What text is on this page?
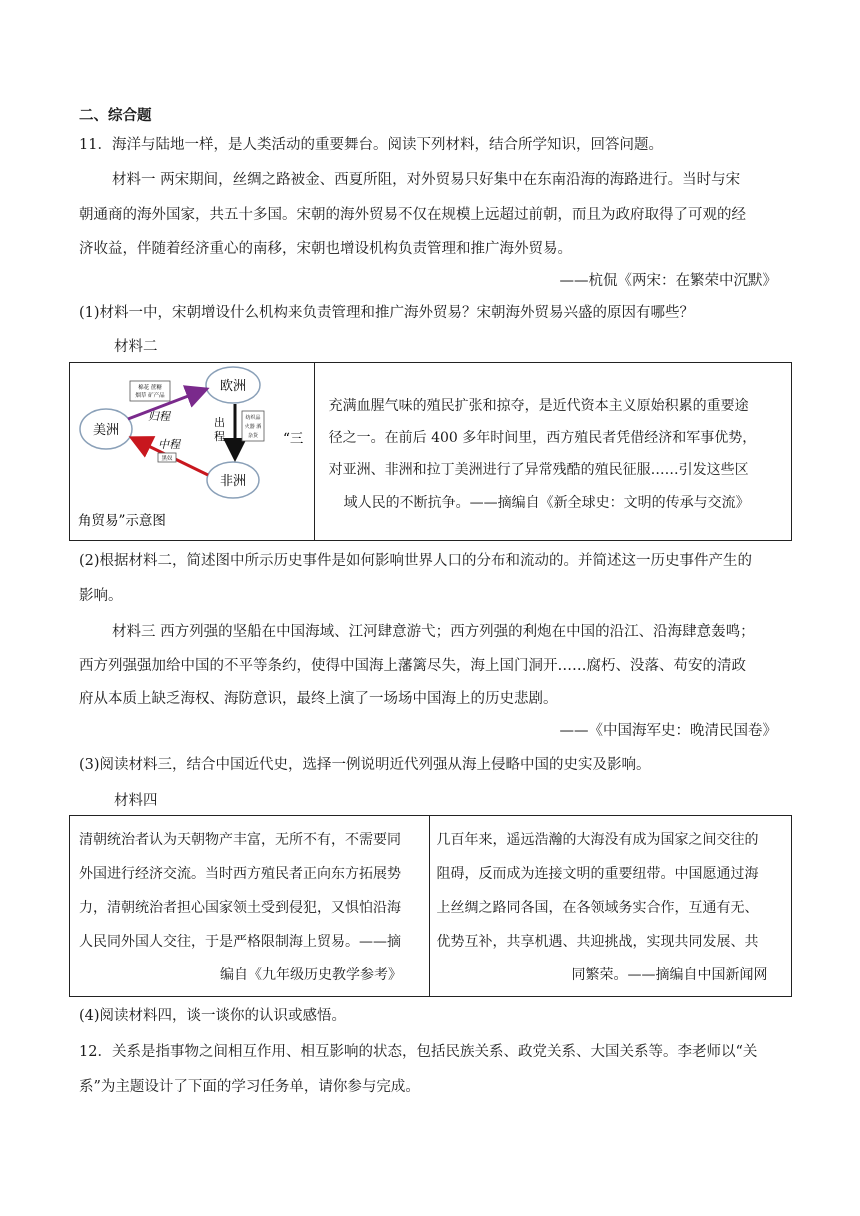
二、综合题
11．海洋与陆地一样，是人类活动的重要舞台。阅读下列材料，结合所学知识，回答问题。
材料一 两宋期间，丝绸之路被金、西夏所阻，对外贸易只好集中在东南沿海的海路进行。当时与宋
朝通商的海外国家，共五十多国。宋朝的海外贸易不仅在规模上远超过前朝，而且为政府取得了可观的经
济收益，伴随着经济重心的南移，宋朝也增设机构负责管理和推广海外贸易。
——杭侃《两宋：在繁荣中沉默》
(1)材料一中，宋朝增设什么机构来负责管理和推广海外贸易？宋朝海外贸易兴盛的原因有哪些？
材料二
美洲
欧洲
非洲
归程
棉花 蔗糖
烟草 矿产品
出
程
纺织品
火器 酒
杂货
中程
黑奴
“三
角贸易”示意图

充满血腥气味的殖民扩张和掠夺，是近代资本主义原始积累的重要途
径之一。在前后 400 多年时间里，西方殖民者凭借经济和军事优势，
对亚洲、非洲和拉丁美洲进行了异常残酷的殖民征服……引发这些区
域人民的不断抗争。——摘编自《新全球史：文明的传承与交流》
(2)根据材料二，简述图中所示历史事件是如何影响世界人口的分布和流动的。并简述这一历史事件产生的
影响。
材料三 西方列强的坚船在中国海域、江河肆意游弋；西方列强的利炮在中国的沿江、沿海肆意轰鸣；
西方列强强加给中国的不平等条约，使得中国海上藩篱尽失，海上国门洞开……腐朽、没落、苟安的清政
府从本质上缺乏海权、海防意识，最终上演了一场场中国海上的历史悲剧。
——《中国海军史：晚清民国卷》
(3)阅读材料三，结合中国近代史，选择一例说明近代列强从海上侵略中国的史实及影响。
材料四
清朝统治者认为天朝物产丰富，无所不有，不需要同
外国进行经济交流。当时西方殖民者正向东方拓展势
力，清朝统治者担心国家领土受到侵犯，又惧怕沿海
人民同外国人交往，于是严格限制海上贸易。——摘
编自《九年级历史教学参考》

几百年来，遥远浩瀚的大海没有成为国家之间交往的
阻碍，反而成为连接文明的重要纽带。中国愿通过海
上丝绸之路同各国，在各领域务实合作，互通有无、
优势互补，共享机遇、共迎挑战，实现共同发展、共
同繁荣。——摘编自中国新闻网
(4)阅读材料四，谈一谈你的认识或感悟。
12．关系是指事物之间相互作用、相互影响的状态，包括民族关系、政党关系、大国关系等。李老师以“关
系”为主题设计了下面的学习任务单，请你参与完成。
